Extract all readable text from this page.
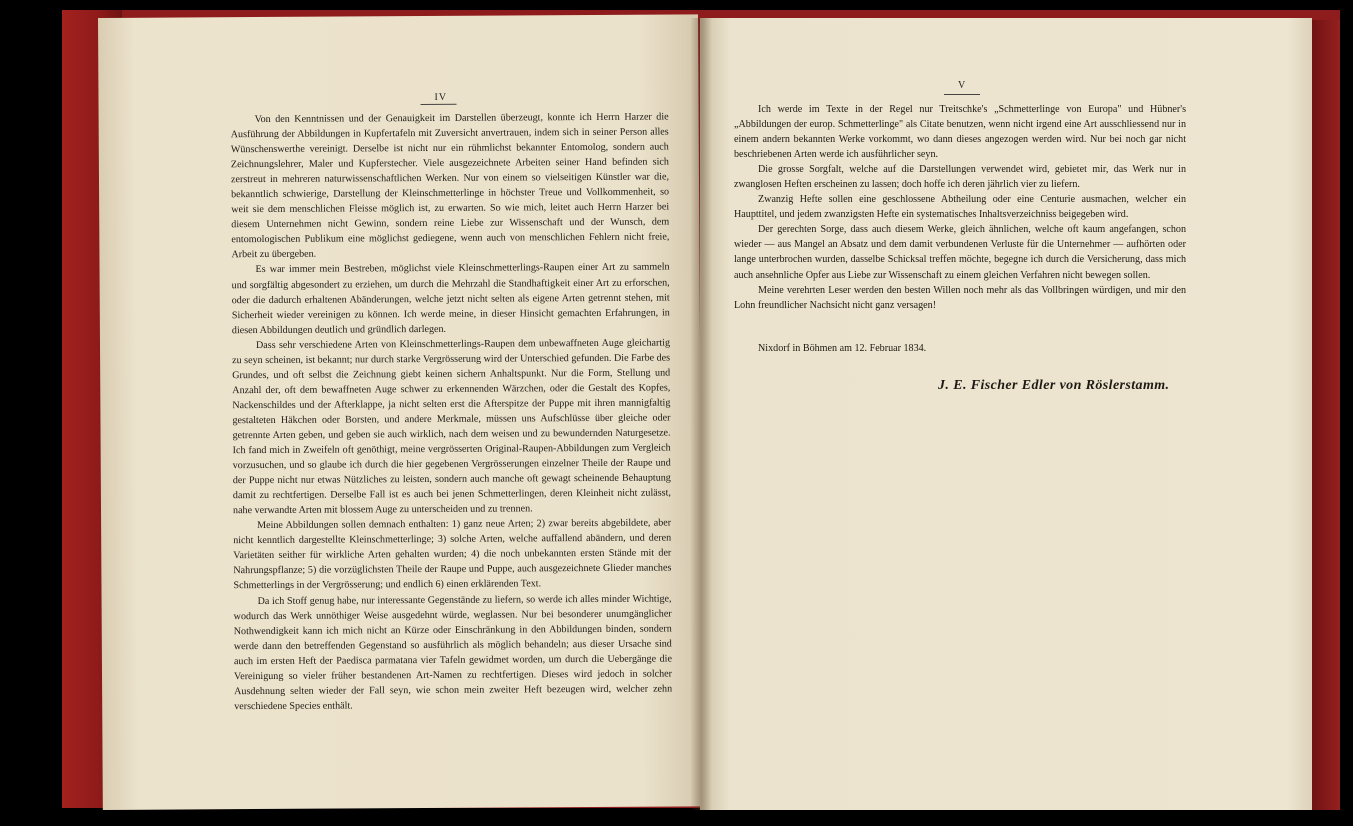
IV

Von den Kenntnissen und der Genauigkeit im Darstellen überzeugt, konnte ich Herrn Harzer die Ausführung der Abbildungen in Kupfertafeln mit Zuversicht anvertrauen, indem sich in seiner Person alles Wünschenswerthe vereinigt. Derselbe ist nicht nur ein rühmlichst bekannter Entomolog, sondern auch Zeichnungslehrer, Maler und Kupferstecher. Viele ausgezeichnete Arbeiten seiner Hand befinden sich zerstreut in mehreren naturwissenschaftlichen Werken. Nur von einem so vielseitigen Künstler war die, bekanntlich schwierige, Darstellung der Kleinschmetterlinge in höchster Treue und Vollkommenheit, so weit sie dem menschlichen Fleisse möglich ist, zu erwarten. So wie mich, leitet auch Herrn Harzer bei diesem Unternehmen nicht Gewinn, sondern reine Liebe zur Wissenschaft und der Wunsch, dem entomologischen Publikum eine möglichst gediegene, wenn auch von menschlichen Fehlern nicht freie, Arbeit zu übergeben.

Es war immer mein Bestreben, möglichst viele Kleinschmetterlings-Raupen einer Art zu sammeln und sorgfältig abgesondert zu erziehen, um durch die Mehrzahl die Standhaftigkeit einer Art zu erforschen, oder die dadurch erhaltenen Abänderungen, welche jetzt nicht selten als eigene Arten getrennt stehen, mit Sicherheit wieder vereinigen zu können. Ich werde meine, in dieser Hinsicht gemachten Erfahrungen, in diesen Abbildungen deutlich und gründlich darlegen.

Dass sehr verschiedene Arten von Kleinschmetterlings-Raupen dem unbewaffneten Auge gleichartig zu seyn scheinen, ist bekannt; nur durch starke Vergrösserung wird der Unterschied gefunden. Die Farbe des Grundes, und oft selbst die Zeichnung giebt keinen sichern Anhaltspunkt. Nur die Form, Stellung und Anzahl der, oft dem bewaffneten Auge schwer zu erkennenden Wärzchen, oder die Gestalt des Kopfes, Nackenschildes und der Afterklappe, ja nicht selten erst die Afterspitze der Puppe mit ihren mannigfaltig gestalteten Häkchen oder Borsten, und andere Merkmale, müssen uns Aufschlüsse über gleiche oder getrennte Arten geben, und geben sie auch wirklich, nach dem weisen und zu bewundernden Naturgesetze. Ich fand mich in Zweifeln oft genöthigt, meine vergrösserten Original-Raupen-Abbildungen zum Vergleich vorzusuchen, und so glaube ich durch die hier gegebenen Vergrösserungen einzelner Theile der Raupe und der Puppe nicht nur etwas Nützliches zu leisten, sondern auch manche oft gewagt scheinende Behauptung damit zu rechtfertigen. Derselbe Fall ist es auch bei jenen Schmetterlingen, deren Kleinheit nicht zulässt, nahe verwandte Arten mit blossem Auge zu unterscheiden und zu trennen.

Meine Abbildungen sollen demnach enthalten: 1) ganz neue Arten; 2) zwar bereits abgebildete, aber nicht kenntlich dargestellte Kleinschmetterlinge; 3) solche Arten, welche auffallend abändern, und deren Varietäten seither für wirkliche Arten gehalten wurden; 4) die noch unbekannten ersten Stände mit der Nahrungspflanze; 5) die vorzüglichsten Theile der Raupe und Puppe, auch ausgezeichnete Glieder manches Schmetterlings in der Vergrösserung; und endlich 6) einen erklärenden Text.

Da ich Stoff genug habe, nur interessante Gegenstände zu liefern, so werde ich alles minder Wichtige, wodurch das Werk unnöthiger Weise ausgedehnt würde, weglassen. Nur bei besonderer unumgänglicher Nothwendigkeit kann ich mich nicht an Kürze oder Einschränkung in den Abbildungen binden, sondern werde dann den betreffenden Gegenstand so ausführlich als möglich behandeln; aus dieser Ursache sind auch im ersten Heft der Paedisca parmatana vier Tafeln gewidmet worden, um durch die Uebergänge die Vereinigung so vieler früher bestandenen Art-Namen zu rechtfertigen. Dieses wird jedoch in solcher Ausdehnung selten wieder der Fall seyn, wie schon mein zweiter Heft bezeugen wird, welcher zehn verschiedene Species enthält.

V

Ich werde im Texte in der Regel nur Treitschke's „Schmetterlinge von Europa" und Hübner's „Abbildungen der europ. Schmetterlinge" als Citate benutzen, wenn nicht irgend eine Art ausschliessend nur in einem andern bekannten Werke vorkommt, wo dann dieses angezogen werden wird. Nur bei noch gar nicht beschriebenen Arten werde ich ausführlicher seyn.

Die grosse Sorgfalt, welche auf die Darstellungen verwendet wird, gebietet mir, das Werk nur in zwanglosen Heften erscheinen zu lassen; doch hoffe ich deren jährlich vier zu liefern.

Zwanzig Hefte sollen eine geschlossene Abtheilung oder eine Centurie ausmachen, welcher ein Haupttitel, und jedem zwanzigsten Hefte ein systematisches Inhaltsverzeichniss beigegeben wird.

Der gerechten Sorge, dass auch diesem Werke, gleich ähnlichen, welche oft kaum angefangen, schon wieder — aus Mangel an Absatz und dem damit verbundenen Verluste für die Unternehmer — aufhörten oder lange unterbrochen wurden, dasselbe Schicksal treffen möchte, begegne ich durch die Versicherung, dass mich auch ansehnliche Opfer aus Liebe zur Wissenschaft zu einem gleichen Verfahren nicht bewegen sollen.

Meine verehrten Leser werden den besten Willen noch mehr als das Vollbringen würdigen, und mir den Lohn freundlicher Nachsicht nicht ganz versagen!

Nixdorf in Böhmen am 12. Februar 1834.
J. E. Fischer Edler von Röslerstamm.
